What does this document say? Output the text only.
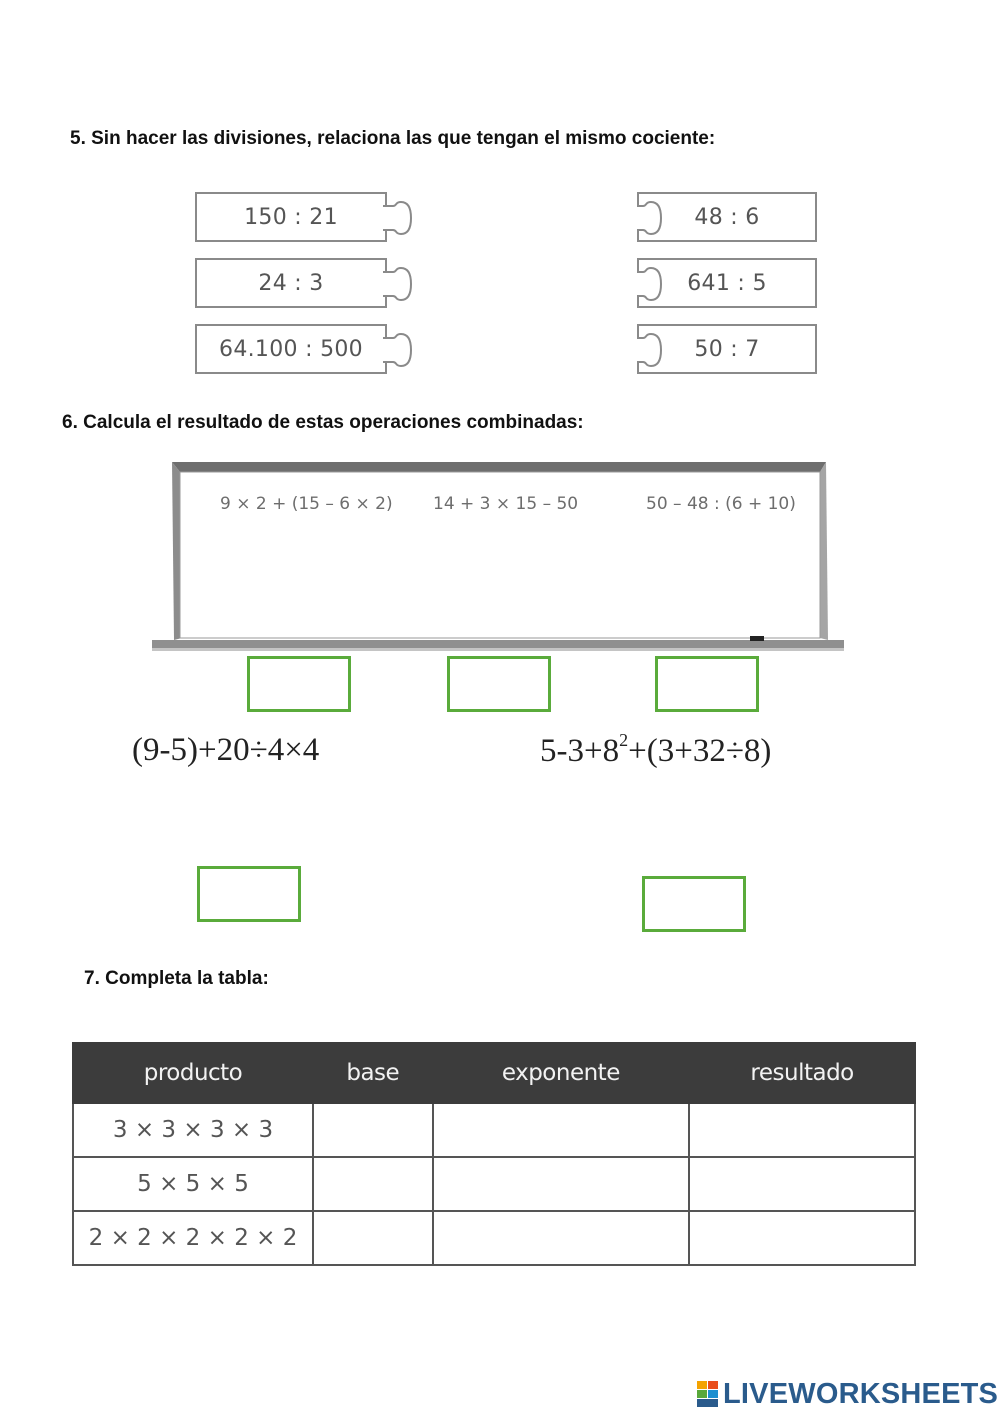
5. Sin hacer las divisiones, relaciona las que tengan el mismo cociente:
150 : 21
24 : 3
64.100 : 500
48 : 6
641 : 5
50 : 7
6. Calcula el resultado de estas operaciones combinadas:
9 × 2 + (15 – 6 × 2) 14 + 3 × 15 – 50	50 – 48 : (6 + 10)
(9-5)+20÷4×4	$5-3+8^2+(3+32\div 8)$
7. Completa la tabla:
producto	base	exponente	resultado
3 × 3 × 3 × 3			
5 × 5 × 5			
2 × 2 × 2 × 2 × 2			
LIVEWORKSHEETS
